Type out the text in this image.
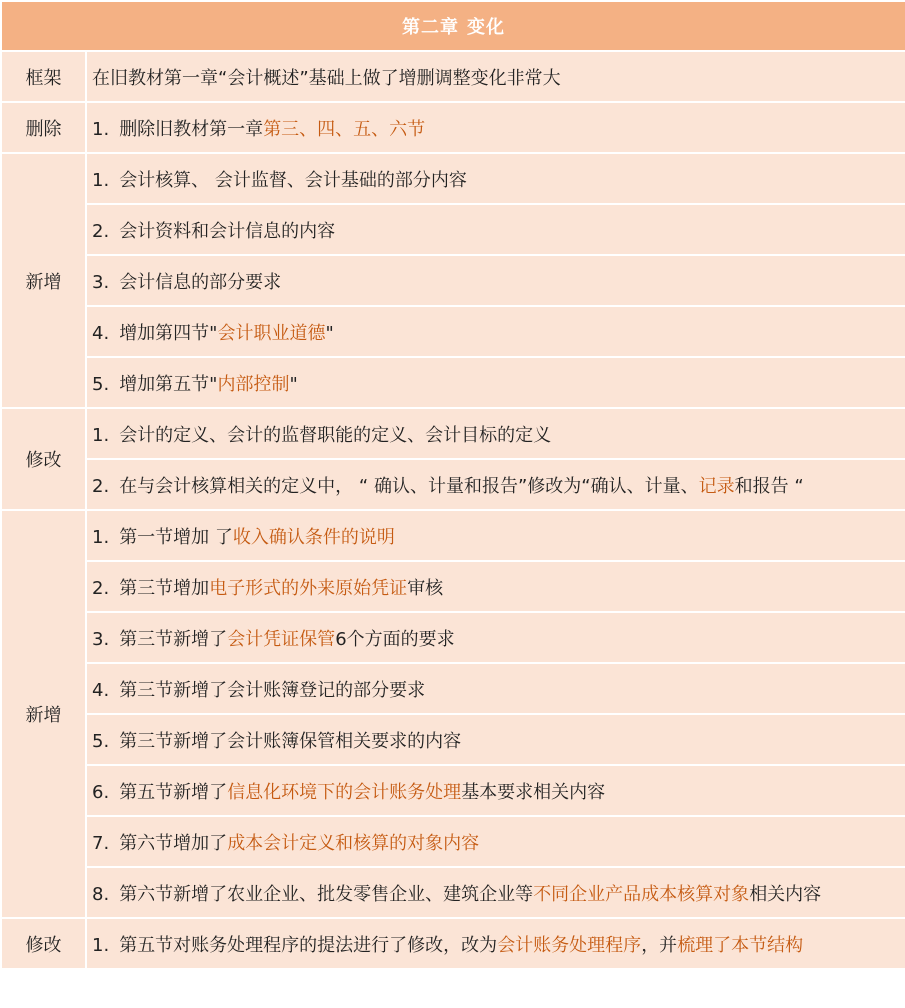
第二章 变化	
框架	在旧教材第一章“会计概述”基础上做了增删调整变化非常大
删除	1. 删除旧教材第一章第三、四、五、六节
新增	1. 会计核算、 会计监督、会计基础的部分内容
	2. 会计资料和会计信息的内容
	3. 会计信息的部分要求
	4. 增加第四节"会计职业道德"
	5. 增加第五节"内部控制"
修改	1. 会计的定义、会计的监督职能的定义、会计目标的定义
	2. 在与会计核算相关的定义中， “ 确认、计量和报告”修改为“确认、计量、记录和报告 “
新增	1. 第一节增加 了收入确认条件的说明
	2. 第三节增加电子形式的外来原始凭证审核
	3. 第三节新增了会计凭证保管6个方面的要求
	4. 第三节新增了会计账簿登记的部分要求
	5. 第三节新增了会计账簿保管相关要求的内容
	6. 第五节新增了信息化环境下的会计账务处理基本要求相关内容
	7. 第六节增加了成本会计定义和核算的对象内容
	8. 第六节新增了农业企业、批发零售企业、建筑企业等不同企业产品成本核算对象相关内容
修改	1. 第五节对账务处理程序的提法进行了修改，改为会计账务处理程序，并梳理了本节结构
